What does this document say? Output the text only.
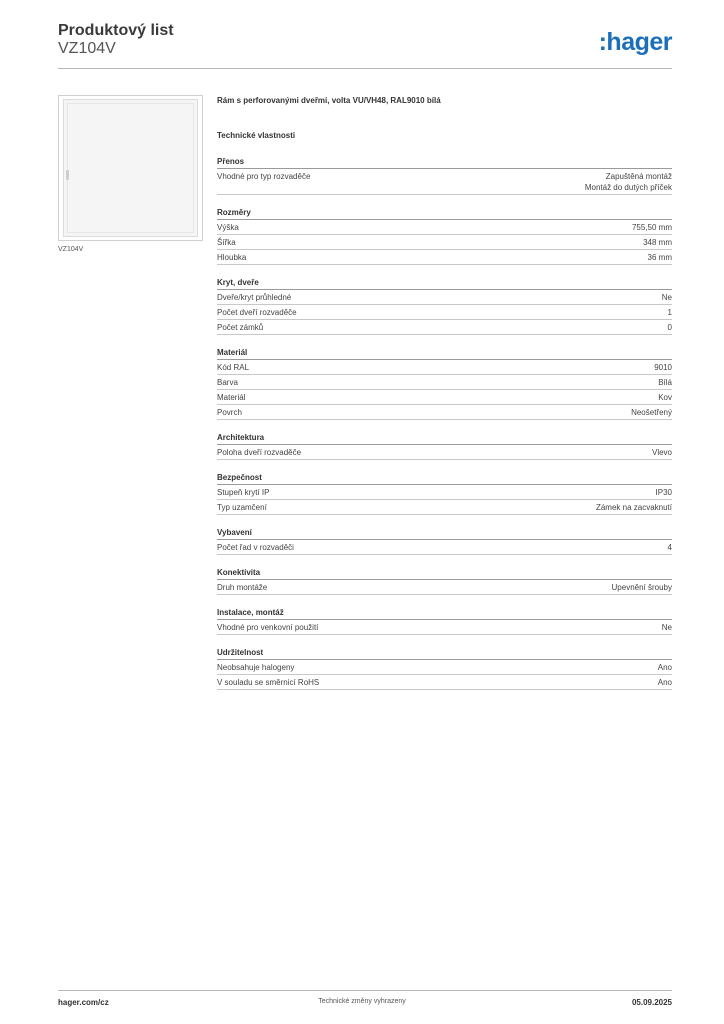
Produktový list
VZ104V	:hager
VZ104V
Rám s perforovanými dveřmi, volta VU/VH48, RAL9010 bílá
Technické vlastnosti
Přenos
Vhodné pro typ rozvaděče	Zapuštěná montáž
Montáž do dutých příček
Rozměry
Výška	755,50 mm
Šířka	348 mm
Hloubka	36 mm
Kryt, dveře
Dveře/kryt průhledné	Ne
Počet dveří rozvaděče	1
Počet zámků	0
Materiál
Kód RAL	9010
Barva	Bílá
Materiál	Kov
Povrch	Neošetřený
Architektura
Poloha dveří rozvaděče	Vlevo
Bezpečnost
Stupeň krytí IP	IP30
Typ uzamčení	Zámek na zacvaknutí
Vybavení
Počet řad v rozvaděči	4
Konektivita
Druh montáže	Upevnění šrouby
Instalace, montáž
Vhodné pro venkovní použití	Ne
Udržitelnost
Neobsahuje halogeny	Ano
V souladu se směrnicí RoHS	Ano
hager.com/cz	Technické změny vyhrazeny	05.09.2025
